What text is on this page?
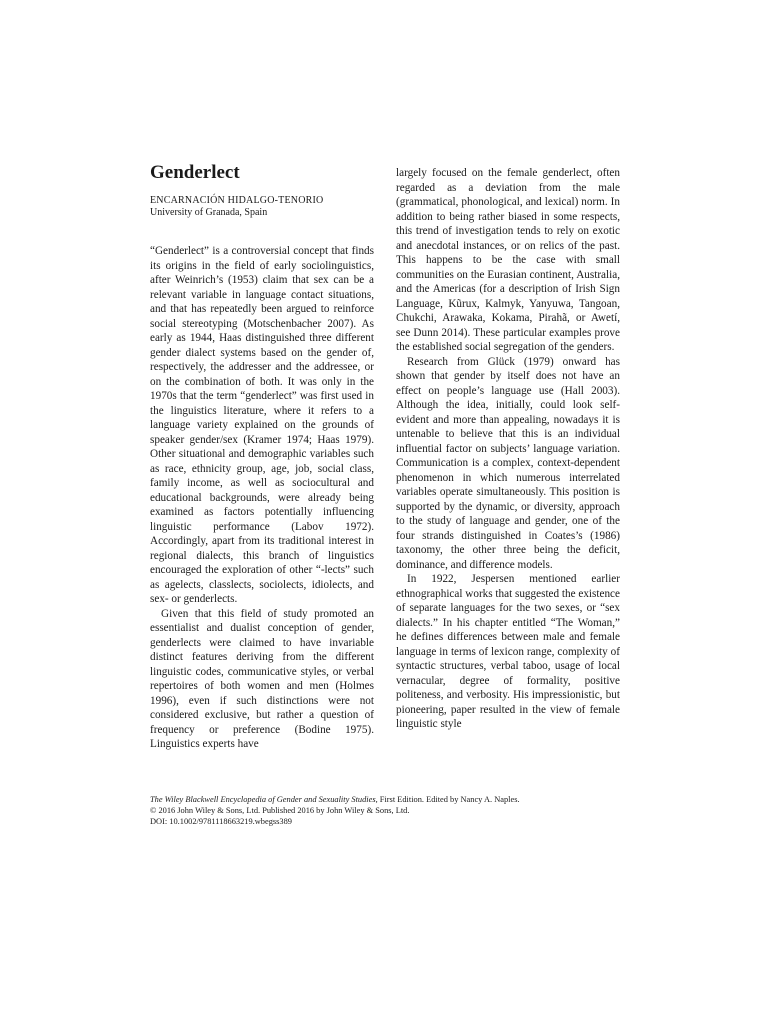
Genderlect
ENCARNACIÓN HIDALGO-TENORIO
University of Granada, Spain

“Genderlect” is a controversial concept that finds its origins in the field of early sociolinguistics, after Weinrich’s (1953) claim that sex can be a relevant variable in language contact situations, and that has repeatedly been argued to reinforce social stereotyping (Motschenbacher 2007). As early as 1944, Haas distinguished three different gender dialect systems based on the gender of, respectively, the addresser and the addressee, or on the combination of both. It was only in the 1970s that the term “genderlect” was first used in the linguistics literature, where it refers to a language variety explained on the grounds of speaker gender/sex (Kramer 1974; Haas 1979). Other situational and demographic variables such as race, ethnicity group, age, job, social class, family income, as well as sociocultural and educational backgrounds, were already being examined as factors potentially influencing linguistic performance (Labov 1972). Accordingly, apart from its traditional interest in regional dialects, this branch of linguistics encouraged the exploration of other “-lects” such as agelects, classlects, sociolects, idiolects, and sex- or genderlects.

Given that this field of study promoted an essentialist and dualist conception of gender, genderlects were claimed to have invariable distinct features deriving from the different linguistic codes, communicative styles, or verbal repertoires of both women and men (Holmes 1996), even if such distinctions were not considered exclusive, but rather a question of frequency or preference (Bodine 1975). Linguistics experts have

largely focused on the female genderlect, often regarded as a deviation from the male (grammatical, phonological, and lexical) norm. In addition to being rather biased in some respects, this trend of investigation tends to rely on exotic and anecdotal instances, or on relics of the past. This happens to be the case with small communities on the Eurasian continent, Australia, and the Americas (for a description of Irish Sign Language, Kũrux, Kalmyk, Yanyuwa, Tangoan, Chukchi, Arawaka, Kokama, Pirahã, or Awetí, see Dunn 2014). These particular examples prove the established social segregation of the genders.

Research from Glück (1979) onward has shown that gender by itself does not have an effect on people’s language use (Hall 2003). Although the idea, initially, could look self-evident and more than appealing, nowadays it is untenable to believe that this is an individual influential factor on subjects’ language variation. Communication is a complex, context-dependent phenomenon in which numerous interrelated variables operate simultaneously. This position is supported by the dynamic, or diversity, approach to the study of language and gender, one of the four strands distinguished in Coates’s (1986) taxonomy, the other three being the deficit, dominance, and difference models.

In 1922, Jespersen mentioned earlier ethnographical works that suggested the existence of separate languages for the two sexes, or “sex dialects.” In his chapter entitled “The Woman,” he defines differences between male and female language in terms of lexicon range, complexity of syntactic structures, verbal taboo, usage of local vernacular, degree of formality, positive politeness, and verbosity. His impressionistic, but pioneering, paper resulted in the view of female linguistic style

The Wiley Blackwell Encyclopedia of Gender and Sexuality Studies, First Edition. Edited by Nancy A. Naples.
© 2016 John Wiley & Sons, Ltd. Published 2016 by John Wiley & Sons, Ltd.
DOI: 10.1002/9781118663219.wbegss389
